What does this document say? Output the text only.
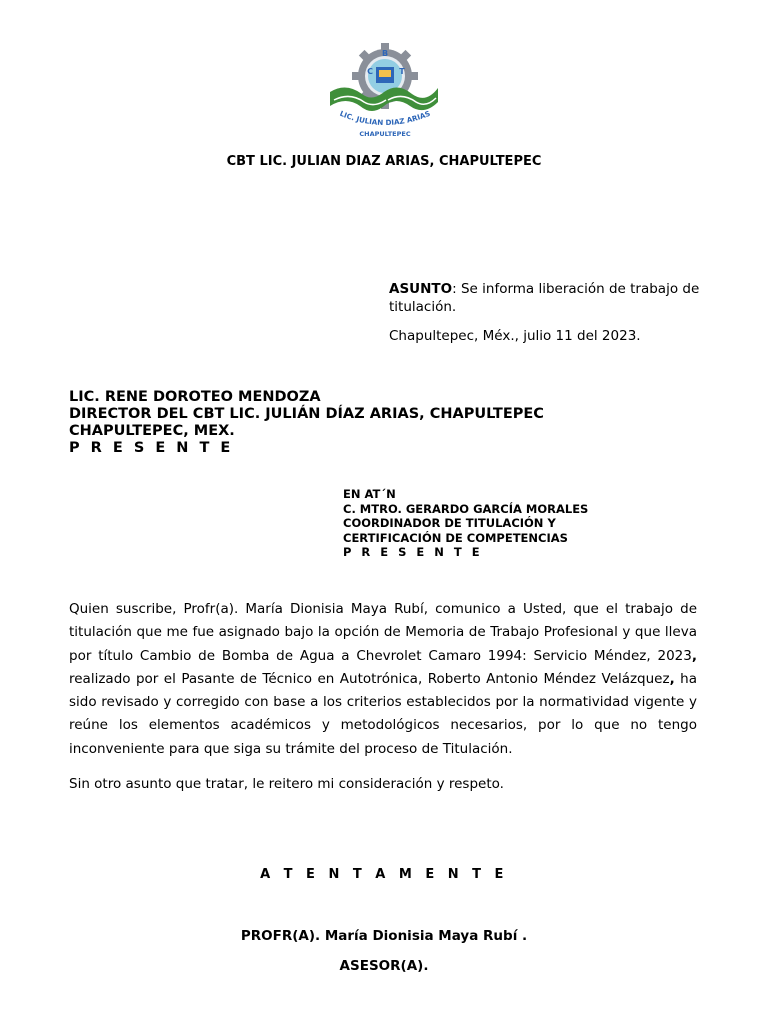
B
C	T
LIC. JULIAN DIAZ ARIAS
CHAPULTEPEC
CBT LIC. JULIAN DIAZ ARIAS, CHAPULTEPEC
ASUNTO: Se informa liberación de trabajo de titulación.
Chapultepec, Méx., julio 11 del 2023.
LIC. RENE DOROTEO MENDOZA
DIRECTOR DEL CBT LIC. JULIÁN DÍAZ ARIAS, CHAPULTEPEC
CHAPULTEPEC, MEX.
P R E S E N T E
EN AT´N
C. MTRO. GERARDO GARCÍA MORALES
COORDINADOR DE TITULACIÓN Y
CERTIFICACIÓN DE COMPETENCIAS
P R E S E N T E

Quien suscribe, Profr(a). María Dionisia Maya Rubí, comunico a Usted, que el trabajo de titulación que me fue asignado bajo la opción de Memoria de Trabajo Profesional y que lleva por título Cambio de Bomba de Agua a Chevrolet Camaro 1994: Servicio Méndez, 2023, realizado por el Pasante de Técnico en Autotrónica, Roberto Antonio Méndez Velázquez, ha sido revisado y corregido con base a los criterios establecidos por la normatividad vigente y reúne los elementos académicos y metodológicos necesarios, por lo que no tengo inconveniente para que siga su trámite del proceso de Titulación.

Sin otro asunto que tratar, le reitero mi consideración y respeto.
A T E N T A M E N T E
PROFR(A). María Dionisia Maya Rubí .
ASESOR(A).
